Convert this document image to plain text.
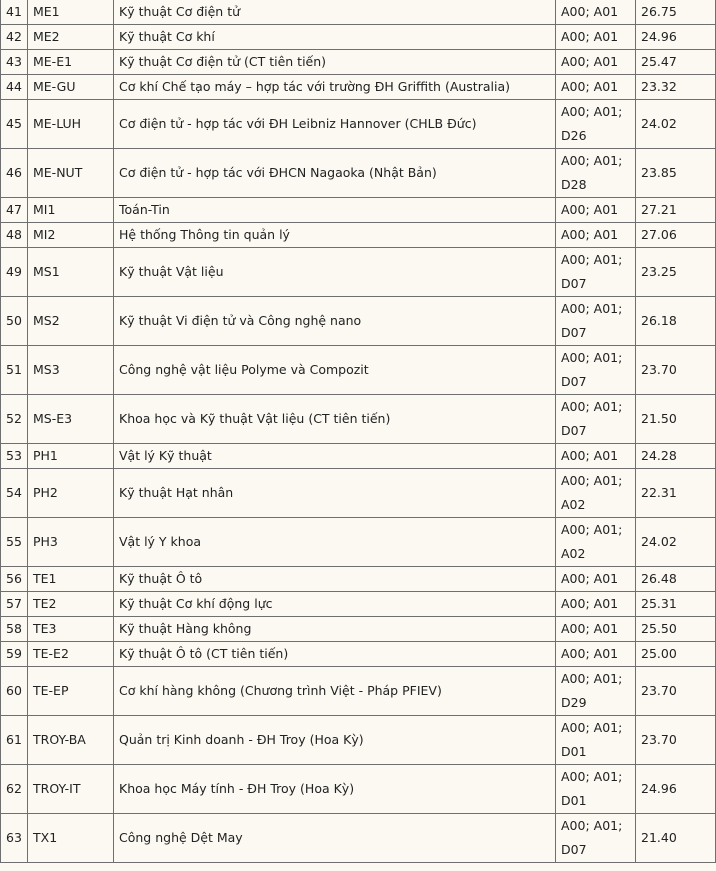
41	ME1	Kỹ thuật Cơ điện tử	A00; A01	26.75
42	ME2	Kỹ thuật Cơ khí	A00; A01	24.96
43	ME-E1	Kỹ thuật Cơ điện tử (CT tiên tiến)	A00; A01	25.47
44	ME-GU	Cơ khí Chế tạo máy – hợp tác với trường ĐH Griffith (Australia)	A00; A01	23.32
45	ME-LUH	Cơ điện tử - hợp tác với ĐH Leibniz Hannover (CHLB Đức)	A00; A01; D26	24.02
46	ME-NUT	Cơ điện tử - hợp tác với ĐHCN Nagaoka (Nhật Bản)	A00; A01; D28	23.85
47	MI1	Toán-Tin	A00; A01	27.21
48	MI2	Hệ thống Thông tin quản lý	A00; A01	27.06
49	MS1	Kỹ thuật Vật liệu	A00; A01; D07	23.25
50	MS2	Kỹ thuật Vi điện tử và Công nghệ nano	A00; A01; D07	26.18
51	MS3	Công nghệ vật liệu Polyme và Compozit	A00; A01; D07	23.70
52	MS-E3	Khoa học và Kỹ thuật Vật liệu (CT tiên tiến)	A00; A01; D07	21.50
53	PH1	Vật lý Kỹ thuật	A00; A01	24.28
54	PH2	Kỹ thuật Hạt nhân	A00; A01; A02	22.31
55	PH3	Vật lý Y khoa	A00; A01; A02	24.02
56	TE1	Kỹ thuật Ô tô	A00; A01	26.48
57	TE2	Kỹ thuật Cơ khí động lực	A00; A01	25.31
58	TE3	Kỹ thuật Hàng không	A00; A01	25.50
59	TE-E2	Kỹ thuật Ô tô (CT tiên tiến)	A00; A01	25.00
60	TE-EP	Cơ khí hàng không (Chương trình Việt - Pháp PFIEV)	A00; A01; D29	23.70
61	TROY-BA	Quản trị Kinh doanh - ĐH Troy (Hoa Kỳ)	A00; A01; D01	23.70
62	TROY-IT	Khoa học Máy tính - ĐH Troy (Hoa Kỳ)	A00; A01; D01	24.96
63	TX1	Công nghệ Dệt May	A00; A01; D07	21.40
